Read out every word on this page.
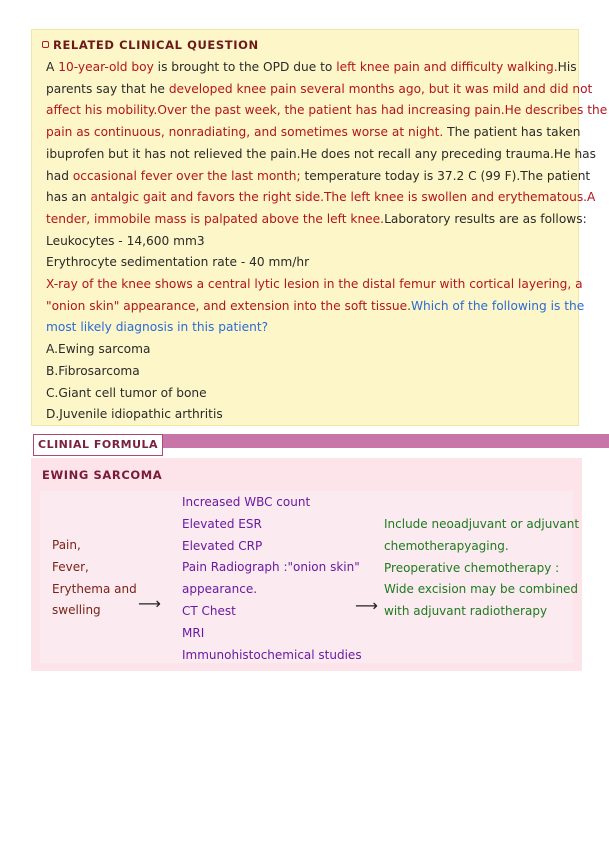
RELATED CLINICAL QUESTION
A 10-year-old boy is brought to the OPD due to left knee pain and difficulty walking.His
parents say that he developed knee pain several months ago, but it was mild and did not
affect his mobility.Over the past week, the patient has had increasing pain.He describes the
pain as continuous, nonradiating, and sometimes worse at night. The patient has taken
ibuprofen but it has not relieved the pain.He does not recall any preceding trauma.He has
had occasional fever over the last month; temperature today is 37.2 C (99 F).The patient
has an antalgic gait and favors the right side.The left knee is swollen and erythematous.A
tender, immobile mass is palpated above the left knee.Laboratory results are as follows:
Leukocytes - 14,600 mm3
Erythrocyte sedimentation rate - 40 mm/hr
X-ray of the knee shows a central lytic lesion in the distal femur with cortical layering, a
"onion skin" appearance, and extension into the soft tissue.Which of the following is the
most likely diagnosis in this patient?
A.Ewing sarcoma
B.Fibrosarcoma
C.Giant cell tumor of bone
D.Juvenile idiopathic arthritis
CLINIAL FORMULA
EWING SARCOMA
Pain,
Fever,
Erythema and
swelling	⟶
Increased WBC count
Elevated ESR
Elevated CRP
Pain Radiograph :"onion skin"
appearance.
CT Chest
MRI
Immunohistochemical studies
⟶
Include neoadjuvant or adjuvant
chemotherapyaging.
Preoperative chemotherapy :
Wide excision may be combined
with adjuvant radiotherapy
